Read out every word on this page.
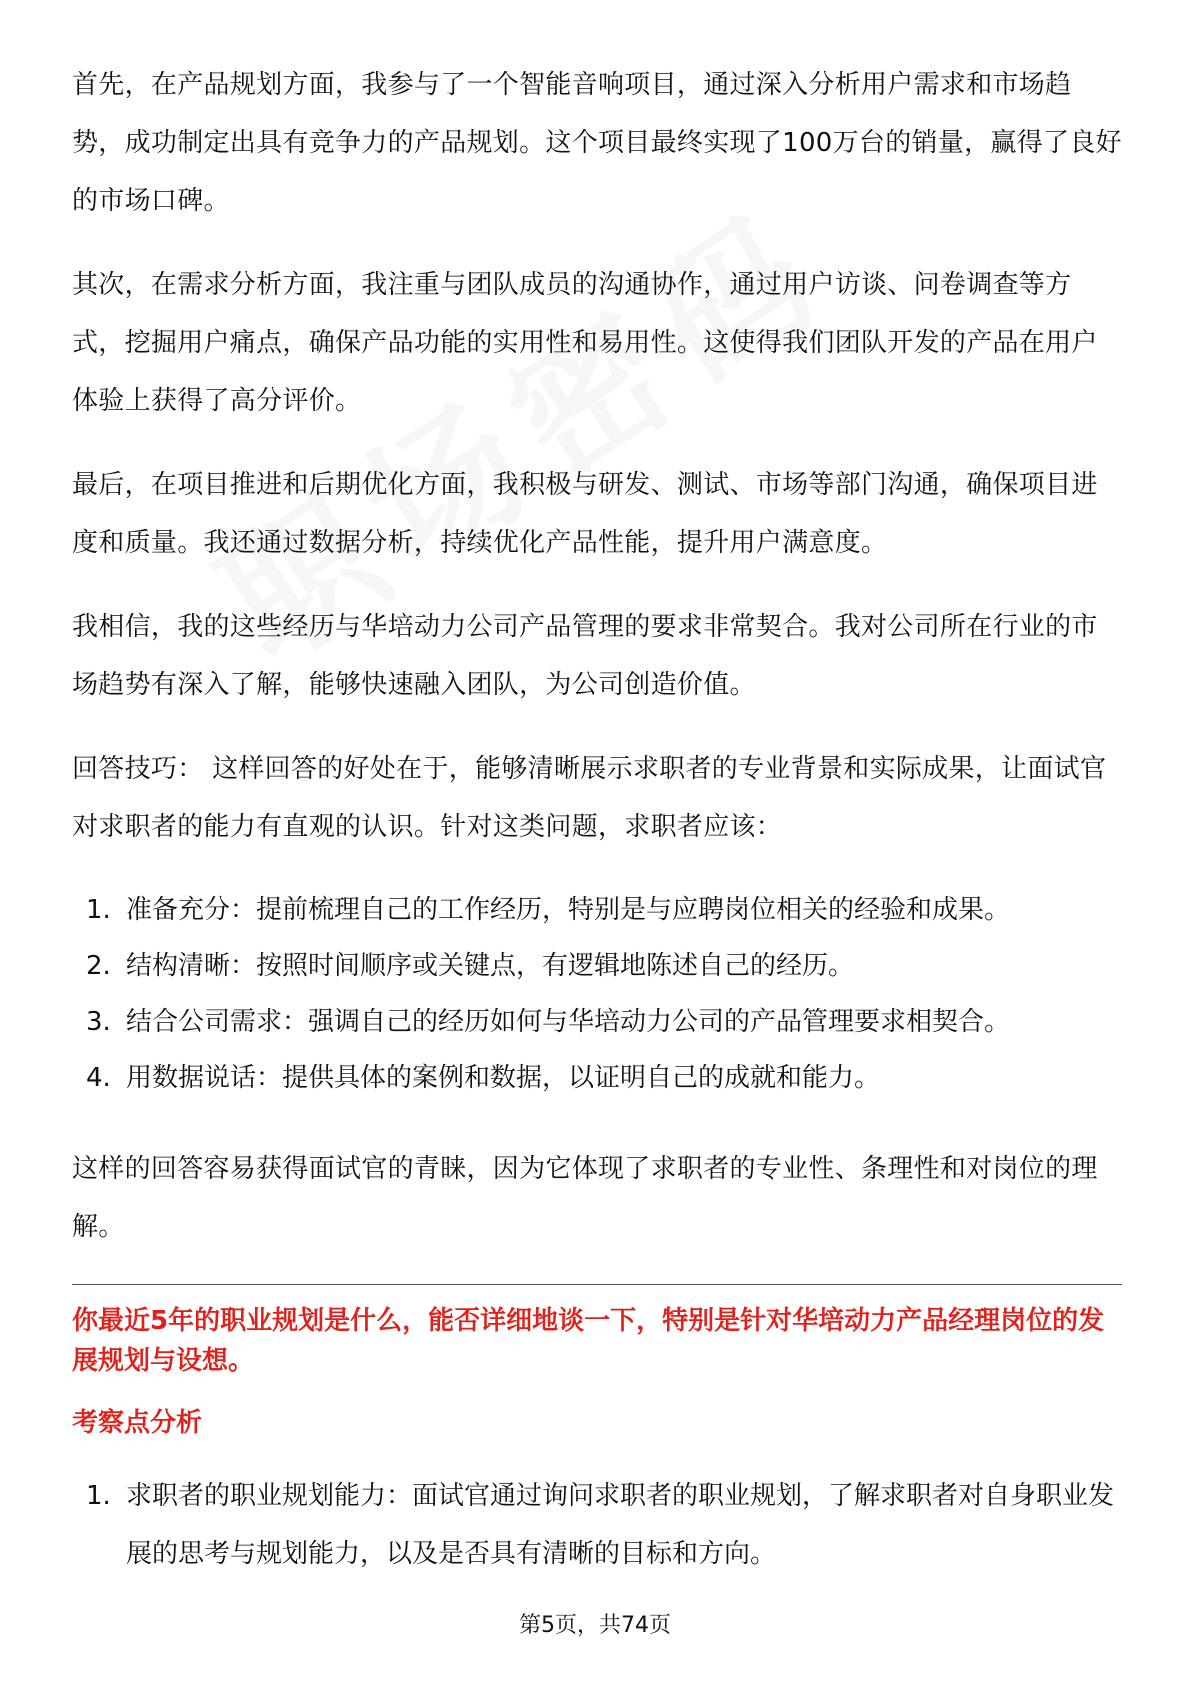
首先，在产品规划方面，我参与了一个智能音响项目，通过深入分析用户需求和市场趋势，成功制定出具有竞争力的产品规划。这个项目最终实现了100万台的销量，赢得了良好的市场口碑。

其次，在需求分析方面，我注重与团队成员的沟通协作，通过用户访谈、问卷调查等方式，挖掘用户痛点，确保产品功能的实用性和易用性。这使得我们团队开发的产品在用户体验上获得了高分评价。

最后，在项目推进和后期优化方面，我积极与研发、测试、市场等部门沟通，确保项目进度和质量。我还通过数据分析，持续优化产品性能，提升用户满意度。

我相信，我的这些经历与华培动力公司产品管理的要求非常契合。我对公司所在行业的市场趋势有深入了解，能够快速融入团队，为公司创造价值。

回答技巧： 这样回答的好处在于，能够清晰展示求职者的专业背景和实际成果，让面试官对求职者的能力有直观的认识。针对这类问题，求职者应该：

1. 准备充分：提前梳理自己的工作经历，特别是与应聘岗位相关的经验和成果。
2. 结构清晰：按照时间顺序或关键点，有逻辑地陈述自己的经历。
3. 结合公司需求：强调自己的经历如何与华培动力公司的产品管理要求相契合。
4. 用数据说话：提供具体的案例和数据，以证明自己的成就和能力。

这样的回答容易获得面试官的青睐，因为它体现了求职者的专业性、条理性和对岗位的理解。

你最近5年的职业规划是什么，能否详细地谈一下，特别是针对华培动力产品经理岗位的发展规划与设想。
考察点分析
1. 求职者的职业规划能力：面试官通过询问求职者的职业规划，了解求职者对自身职业发展的思考与规划能力，以及是否具有清晰的目标和方向。
第5页，共74页
